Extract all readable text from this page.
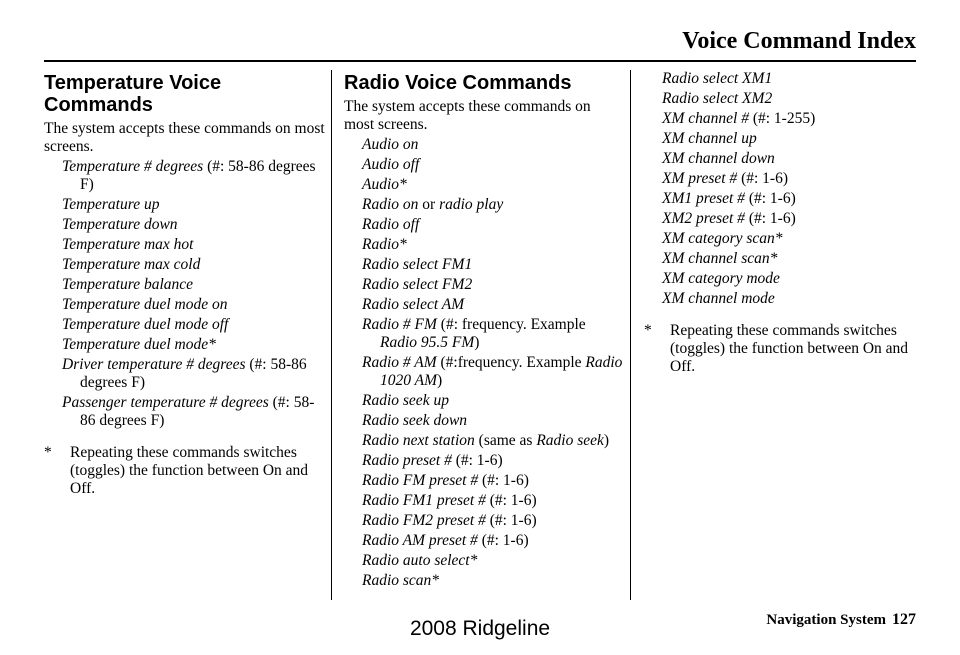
Voice Command Index
Temperature Voice Commands

The system accepts these commands on most screens.

Temperature # degrees (#: 58-86 degrees F)
Temperature up
Temperature down
Temperature max hot
Temperature max cold
Temperature balance
Temperature duel mode on
Temperature duel mode off
Temperature duel mode*
Driver temperature # degrees (#: 58-86 degrees F)
Passenger temperature # degrees (#: 58-86 degrees F)

* Repeating these commands switches (toggles) the function between On and Off.

Radio Voice Commands

The system accepts these commands on most screens.

Audio on
Audio off
Audio*
Radio on or radio play
Radio off
Radio*
Radio select FM1
Radio select FM2
Radio select AM
Radio # FM (#: frequency. Example Radio 95.5 FM)
Radio # AM (#:frequency. Example Radio 1020 AM)
Radio seek up
Radio seek down
Radio next station (same as Radio seek)
Radio preset # (#: 1-6)
Radio FM preset # (#: 1-6)
Radio FM1 preset # (#: 1-6)
Radio FM2 preset # (#: 1-6)
Radio AM preset # (#: 1-6)
Radio auto select*
Radio scan*
Radio select XM1
Radio select XM2
XM channel # (#: 1-255)
XM channel up
XM channel down
XM preset # (#: 1-6)
XM1 preset # (#: 1-6)
XM2 preset # (#: 1-6)
XM category scan*
XM channel scan*
XM category mode
XM channel mode

* Repeating these commands switches (toggles) the function between On and Off.

Navigation System 127
2008 Ridgeline
